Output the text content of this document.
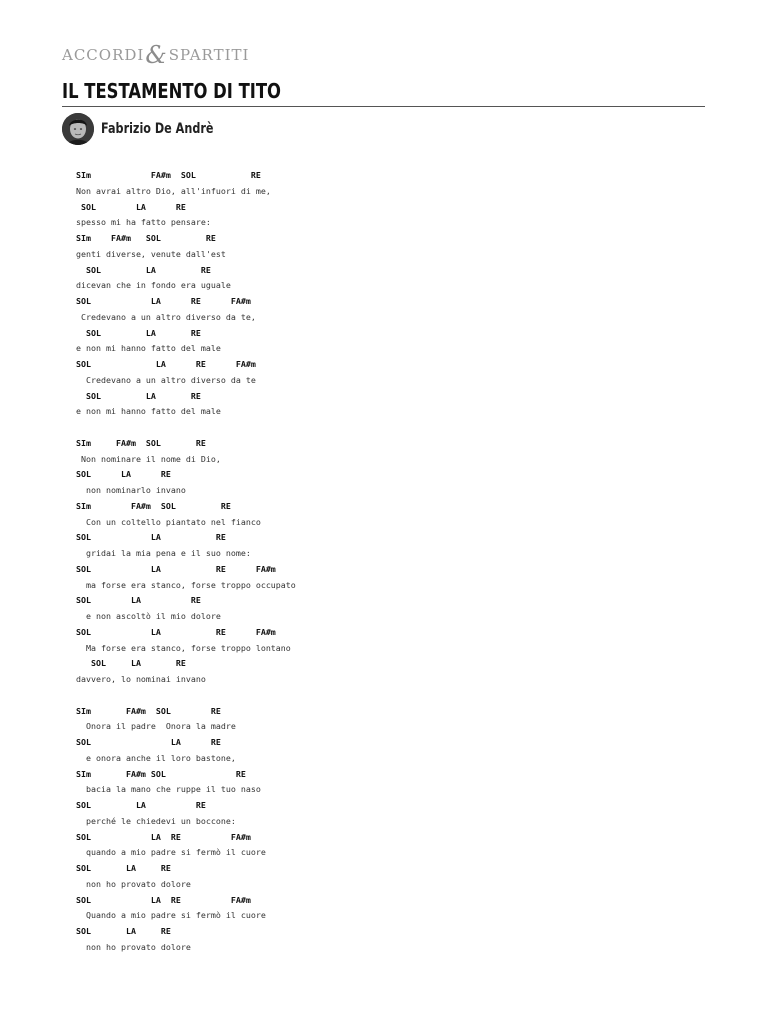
ACCORDI & SPARTITI
IL TESTAMENTO DI TITO
Fabrizio De Andrè
SIm            FA#m  SOL           RE
Non avrai altro Dio, all'infuori di me,
SOL        LA      RE
spesso mi ha fatto pensare:
SIm    FA#m   SOL         RE
genti diverse, venute dall'est
SOL         LA         RE
dicevan che in fondo era uguale
SOL            LA      RE      FA#m
Credevano a un altro diverso da te,
SOL         LA       RE
e non mi hanno fatto del male
SOL             LA      RE      FA#m
Credevano a un altro diverso da te
SOL         LA       RE
e non mi hanno fatto del male
SIm     FA#m  SOL       RE
Non nominare il nome di Dio,
SOL      LA      RE
non nominarlo invano
SIm        FA#m  SOL         RE
Con un coltello piantato nel fianco
SOL            LA           RE
gridai la mia pena e il suo nome:
SOL            LA           RE      FA#m
ma forse era stanco, forse troppo occupato
SOL        LA          RE
e non ascoltò il mio dolore
SOL            LA           RE      FA#m
Ma forse era stanco, forse troppo lontano
SOL     LA       RE
davvero, lo nominai invano
SIm       FA#m  SOL        RE
Onora il padre  Onora la madre
SOL                LA      RE
e onora anche il loro bastone,
SIm       FA#m SOL              RE
bacia la mano che ruppe il tuo naso
SOL         LA          RE
perché le chiedevi un boccone:
SOL            LA  RE          FA#m
quando a mio padre si fermò il cuore
SOL       LA     RE
non ho provato dolore
SOL            LA  RE          FA#m
Quando a mio padre si fermò il cuore
SOL       LA     RE
non ho provato dolore
